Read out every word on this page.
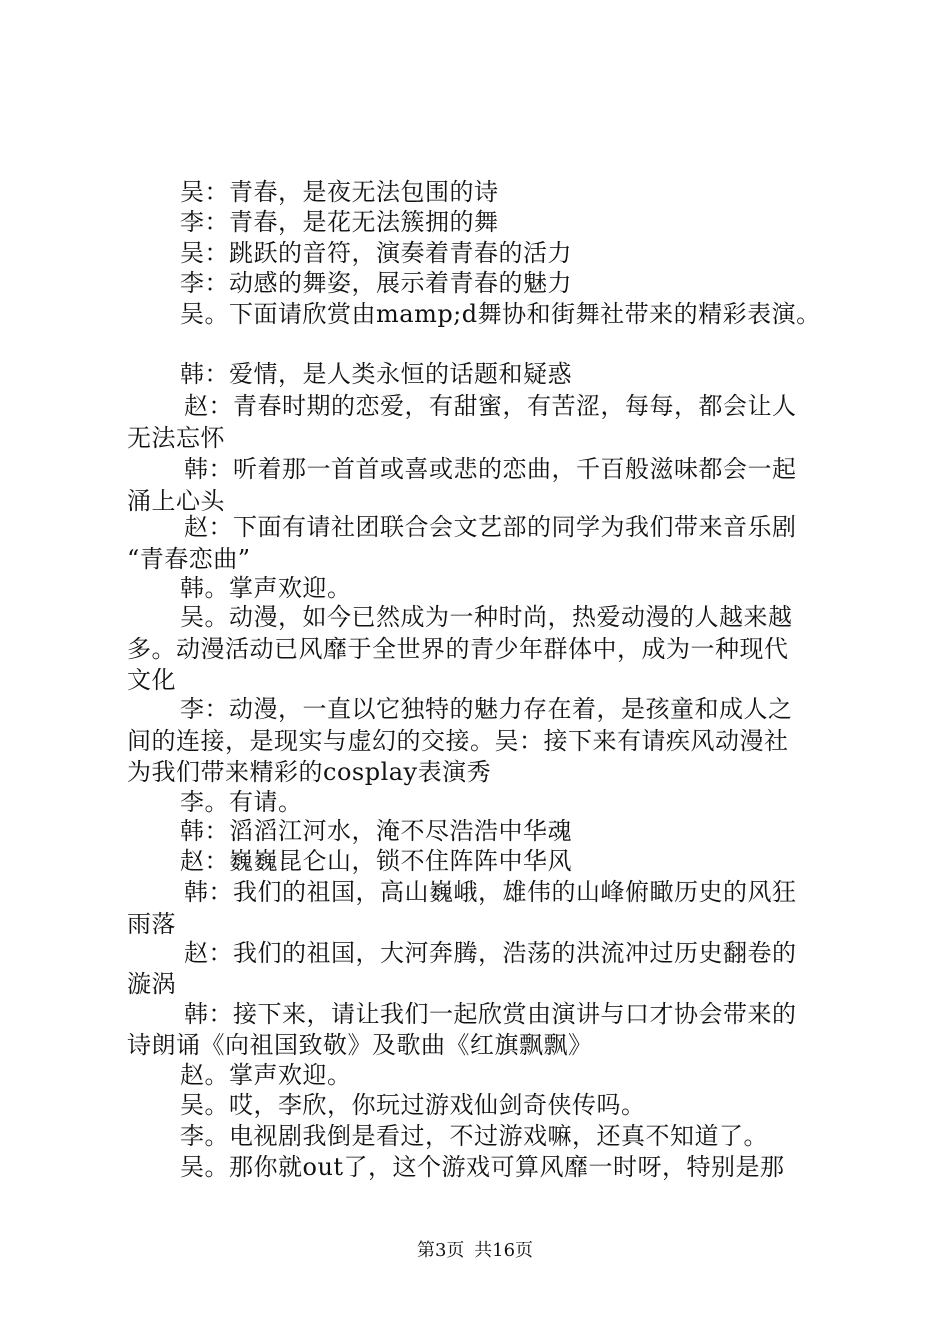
吴：青春，是夜无法包围的诗
李：青春，是花无法簇拥的舞
吴：跳跃的音符，演奏着青春的活力
李：动感的舞姿，展示着青春的魅力
吴。下面请欣赏由mamp;d舞协和街舞社带来的精彩表演。
韩：爱情，是人类永恒的话题和疑惑
赵：青春时期的恋爱，有甜蜜，有苦涩，每每，都会让人
无法忘怀
韩：听着那一首首或喜或悲的恋曲，千百般滋味都会一起
涌上心头
赵：下面有请社团联合会文艺部的同学为我们带来音乐剧
“青春恋曲”
韩。掌声欢迎。
吴。动漫，如今已然成为一种时尚，热爱动漫的人越来越
多。动漫活动已风靡于全世界的青少年群体中，成为一种现代
文化
李：动漫，一直以它独特的魅力存在着，是孩童和成人之
间的连接，是现实与虚幻的交接。吴：接下来有请疾风动漫社
为我们带来精彩的cosplay表演秀
李。有请。
韩：滔滔江河水，淹不尽浩浩中华魂
赵：巍巍昆仑山，锁不住阵阵中华风
韩：我们的祖国，高山巍峨，雄伟的山峰俯瞰历史的风狂
雨落
赵：我们的祖国，大河奔腾，浩荡的洪流冲过历史翻卷的
漩涡
韩：接下来，请让我们一起欣赏由演讲与口才协会带来的
诗朗诵《向祖国致敬》及歌曲《红旗飘飘》
赵。掌声欢迎。
吴。哎，李欣，你玩过游戏仙剑奇侠传吗。
李。电视剧我倒是看过，不过游戏嘛，还真不知道了。
吴。那你就out了，这个游戏可算风靡一时呀，特别是那
第3页 共16页
